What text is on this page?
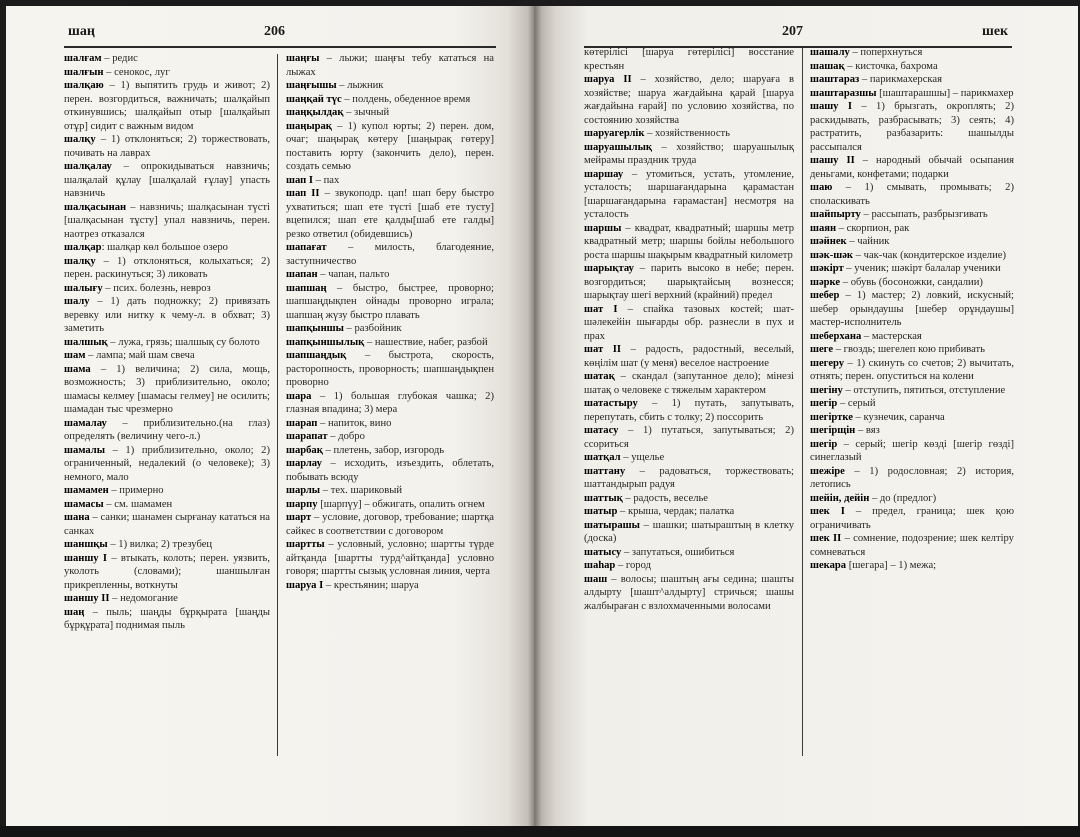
шаң	206

шалғам – редис

шалғын – сенокос, луг

шалқаю – 1) выпятить грудь и живот; 2) перен. возгордиться, важничать; шалқайып откинувшись; шалқайып отыр [шалқайып отұр] сидит с важным видом

шалқу – 1) отклоняться; 2) торжествовать, почивать на лаврах

шалқалау – опрокидываться навзничь; шалқалай құлау [шалқалай ғұлау] упасть навзничь

шалқасынан – навзничь; шалқасынан түсті [шалқасынан тұсту] упал навзничь, перен. наотрез отказался

шалқар: шалқар көл большое озеро

шалқу – 1) отклоняться, колыхаться; 2) перен. раскинуться; 3) ликовать

шалығу – псих. болезнь, невроз

шалу – 1) дать подножку; 2) привязать веревку или нитку к чему-л. в обхват; 3) заметить

шалшық – лужа, грязь; шалшық су болото

шам – лампа; май шам свеча

шама – 1) величина; 2) сила, мощь, возможность; 3) приблизительно, около; шамасы келмеу [шамасы гелмеу] не осилить; шамадан тыс чрезмерно

шамалау – приблизительно.(на глаз) определять (величину чего-л.)

шамалы – 1) приблизительно, около; 2) ограниченный, недалекий (о человеке); 3) немного, мало

шамамен – примерно

шамасы – см. шамамен

шана – санки; шанамен сырғанау кататься на санках

шаншқы – 1) вилка; 2) трезубец

шаншу I – втыкать, колоть; перен. уязвить, уколоть (словами); шаншылған прикрепленны, воткнуты

шаншу II – недомогание

шаң – пыль; шаңды бұрқырата [шаңды бұрқұрата] поднимая пыль

шаңғы – лыжи; шаңғы тебу кататься на лыжах

шаңғышы – лыжник

шаңқай түс – полдень, обеденное время

шаңқылдақ – зычный

шаңырақ – 1) купол юрты; 2) перен. дом, очаг; шаңырақ көтеру [шаңырақ гөтеру] поставить юрту (закончить дело), перен. создать семью

шап I – пах

шап II – звукоподр. цап! шап беру быстро ухватиться; шап ете түсті [шаб ете тусту] вцепился; шап ете қалды[шаб ете галды] резко ответил (обидевшись)

шапағат – милость, благодеяние, заступничество

шапан – чапан, пальто

шапшаң – быстро, быстрее, проворно; шапшаңдықпен ойнады проворно играла; шапшаң жүзу быстро плавать

шапқыншы – разбойник

шапқыншылық – нашествие, набег, разбой

шапшаңдық – быстрота, скорость, расторопность, проворность; шапшаңдықпен проворно

шара – 1) большая глубокая чашка; 2) глазная впадина; 3) мера

шарап – напиток, вино

шарапат – добро

шарбақ – плетень, забор, изгородь

шарлау – исходить, изъездить, облетать, побывать всюду

шарлы – тех. шариковый

шарпу [шарпүу] – обжигать, опалить огнем

шарт – условие, договор, требование; шартқа сәйкес в соответствии с договором

шартты – условный, условно; шартты түрде айтқанда [шартты турд^айтқанда] условно говоря; шартты сызық условная линия, черта

шаруа I – крестьянин; шаруа

207	шек

көтерілісі [шаруа гөтерілісі] восстание крестьян

шаруа II – хозяйство, дело; шаруаға в хозяйстве; шаруа жағдайына қарай [шаруа жағдайына ғарай] по условию хозяйства, по состоянию хозяйства

шаруагерлік – хозяйственность

шаруашылық – хозяйство; шаруашылық мейрамы праздник труда

шаршау – утомиться, устать, утомление, усталость; шаршағандарына қарамастан [шаршағандарына ғарамастан] несмотря на усталость

шаршы – квадрат, квадратный; шаршы метр квадратный метр; шаршы бойлы небольшого роста шаршы шақырым квадратный километр

шарықтау – парить высоко в небе; перен. возгордиться; шарықтайсың вознесся; шарықтау шегі верхний (крайний) предел

шат I – спайка тазовых костей; шат-шәлекейін шығарды обр. разнесли в пух и прах

шат II – радость, радостный, веселый, көңілім шат (у меня) веселое настроение

шатақ – скандал (запутанное дело); мінезі шатақ о человеке с тяжелым характером

шатастыру – 1) путать, запутывать, перепутать, сбить с толку; 2) поссорить

шатасу – 1) путаться, запутываться; 2) ссориться

шатқал – ущелье

шаттану – радоваться, торжествовать; шаттандырып радуя

шаттық – радость, веселье

шатыр – крыша, чердак; палатка

шатырашы – шашки; шатыраштың в клетку (доска)

шатысу – запутаться, ошибиться

шаһар – город

шаш – волосы; шаштың ағы седина; шашты алдырту [шашт^алдырту] стричься; шашы жалбыраған с взлохмаченными волосами

шашалу – поперхнуться

шашақ – кисточка, бахрома

шаштараз – парикмахерская

шаштаразшы [шаштарашшы] – парикмахер

шашу I – 1) брызгать, окроплять; 2) раскидывать, разбрасывать; 3) сеять; 4) растратить, разбазарить: шашылды рассыпался

шашу II – народный обычай осыпания деньгами, конфетами; подарки

шаю – 1) смывать, промывать; 2) споласкивать

шайпырту – рассыпать, разбрызгивать

шаян – скорпион, рак

шәйнек – чайник

шәк-шәк – чак-чак (кондитерское изделие)

шәкірт – ученик; шәкірт балалар ученики

шәрке – обувь (босоножки, сандалии)

шебер – 1) мастер; 2) ловкий, искусный; шебер орындаушы [шебер орұндаушы] мастер-исполнитель

шеберхана – мастерская

шеге – гвоздь; шегелеп кою прибивать

шегеру – 1) скинуть со счетов; 2) вычитать, отнять; перен. опуститься на колени

шегіну – отступить, пятиться, отступление

шегір – серый

шегіртке – кузнечик, саранча

шегірщін – вяз

шегір – серый; шегір көзді [шегір гөзді] синеглазый

шежіре – 1) родословная; 2) история, летопись

шейін, дейін – до (предлог)

шек I – предел, граница; шек қою ограничивать

шек II – сомнение, подозрение; шек келтіру сомневаться

шекара [шегара] – 1) межа;
